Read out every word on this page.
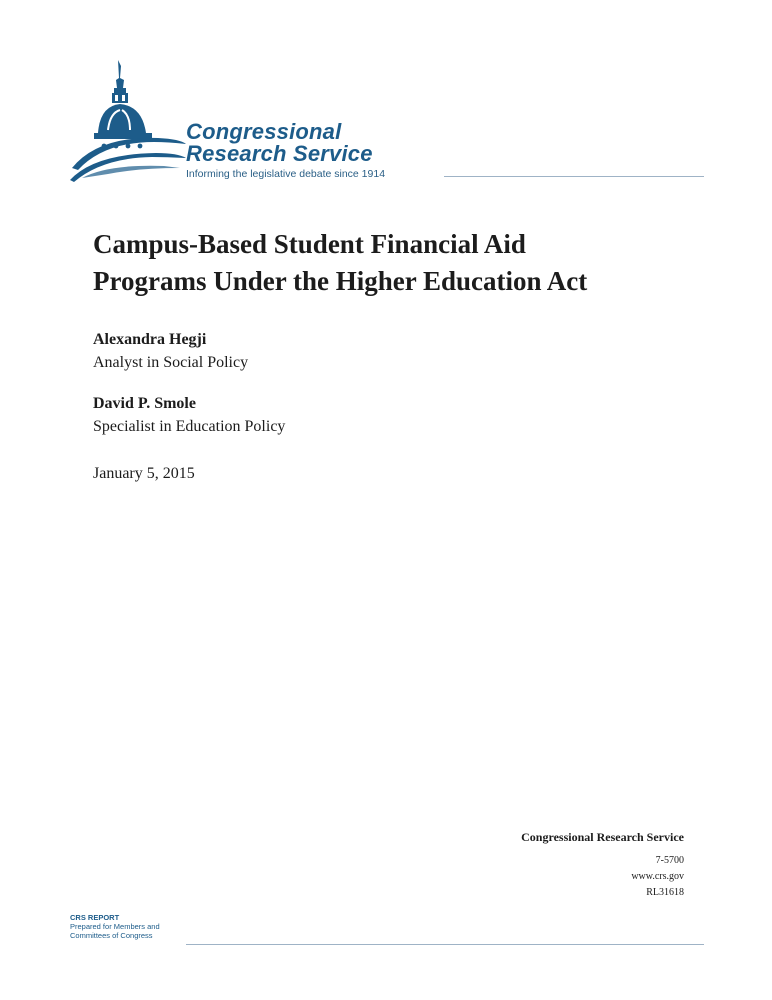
Congressional
Research Service
Informing the legislative debate since 1914
Campus-Based Student Financial Aid
Programs Under the Higher Education Act
Alexandra Hegji
Analyst in Social Policy
David P. Smole
Specialist in Education Policy
January 5, 2015
Congressional Research Service
7-5700
www.crs.gov
RL31618
CRS REPORT
Prepared for Members and
Committees of Congress
